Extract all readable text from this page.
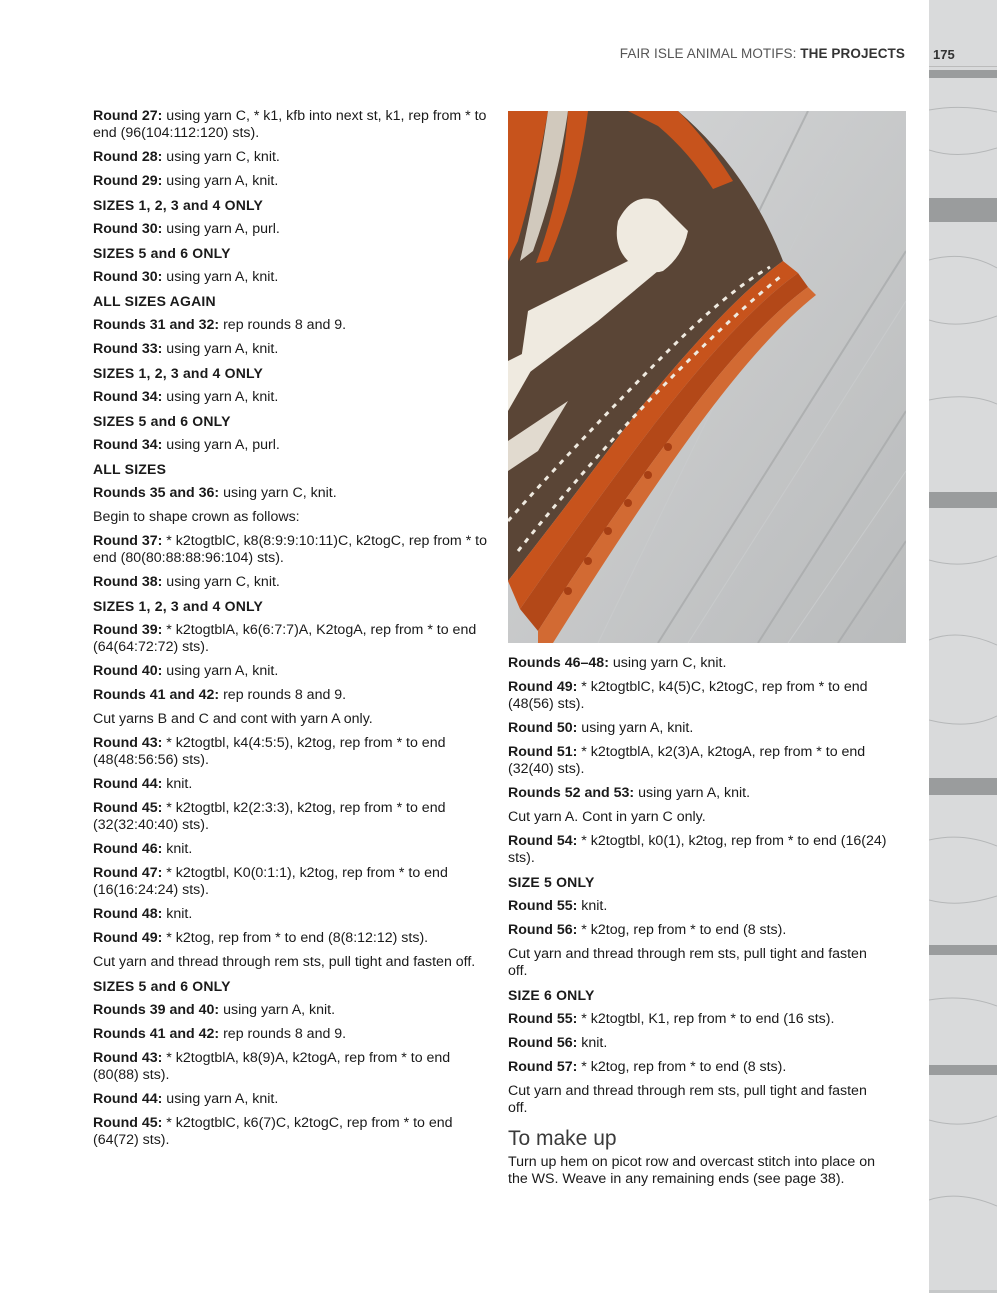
FAIR ISLE ANIMAL MOTIFS: THE PROJECTS 175

Round 27: using yarn C, * k1, kfb into next st, k1, rep from * to end (96(104:112:120) sts).

Round 28: using yarn C, knit.

Round 29: using yarn A, knit.

SIZES 1, 2, 3 and 4 ONLY

Round 30: using yarn A, purl.

SIZES 5 and 6 ONLY

Round 30: using yarn A, knit.

ALL SIZES AGAIN

Rounds 31 and 32: rep rounds 8 and 9.

Round 33: using yarn A, knit.

SIZES 1, 2, 3 and 4 ONLY

Round 34: using yarn A, knit.

SIZES 5 and 6 ONLY

Round 34: using yarn A, purl.

ALL SIZES

Rounds 35 and 36: using yarn C, knit.

Begin to shape crown as follows:

Round 37: * k2togtblC, k8(8:9:9:10:11)C, k2togC, rep from * to end (80(80:88:88:96:104) sts).

Round 38: using yarn C, knit.

SIZES 1, 2, 3 and 4 ONLY

Round 39: * k2togtblA, k6(6:7:7)A, K2togA, rep from * to end (64(64:72:72) sts).

Round 40: using yarn A, knit.

Rounds 41 and 42: rep rounds 8 and 9.

Cut yarns B and C and cont with yarn A only.

Round 43: * k2togtbl, k4(4:5:5), k2tog, rep from * to end (48(48:56:56) sts).

Round 44: knit.

Round 45: * k2togtbl, k2(2:3:3), k2tog, rep from * to end (32(32:40:40) sts).

Round 46: knit.

Round 47: * k2togtbl, K0(0:1:1), k2tog, rep from * to end (16(16:24:24) sts).

Round 48: knit.

Round 49: * k2tog, rep from * to end (8(8:12:12) sts).

Cut yarn and thread through rem sts, pull tight and fasten off.

SIZES 5 and 6 ONLY

Rounds 39 and 40: using yarn A, knit.

Rounds 41 and 42: rep rounds 8 and 9.

Round 43: * k2togtblA, k8(9)A, k2togA, rep from * to end (80(88) sts).

Round 44: using yarn A, knit.

Round 45: * k2togtblC, k6(7)C, k2togC, rep from * to end (64(72) sts).

Rounds 46–48: using yarn C, knit.

Round 49: * k2togtblC, k4(5)C, k2togC, rep from * to end (48(56) sts).

Round 50: using yarn A, knit.

Round 51: * k2togtblA, k2(3)A, k2togA, rep from * to end (32(40) sts).

Rounds 52 and 53: using yarn A, knit.

Cut yarn A. Cont in yarn C only.

Round 54: * k2togtbl, k0(1), k2tog, rep from * to end (16(24) sts).

SIZE 5 ONLY

Round 55: knit.

Round 56: * k2tog, rep from * to end (8 sts).

Cut yarn and thread through rem sts, pull tight and fasten off.

SIZE 6 ONLY

Round 55: * k2togtbl, K1, rep from * to end (16 sts).

Round 56: knit.

Round 57: * k2tog, rep from * to end (8 sts).

Cut yarn and thread through rem sts, pull tight and fasten off.

To make up

Turn up hem on picot row and overcast stitch into place on the WS. Weave in any remaining ends (see page 38).
